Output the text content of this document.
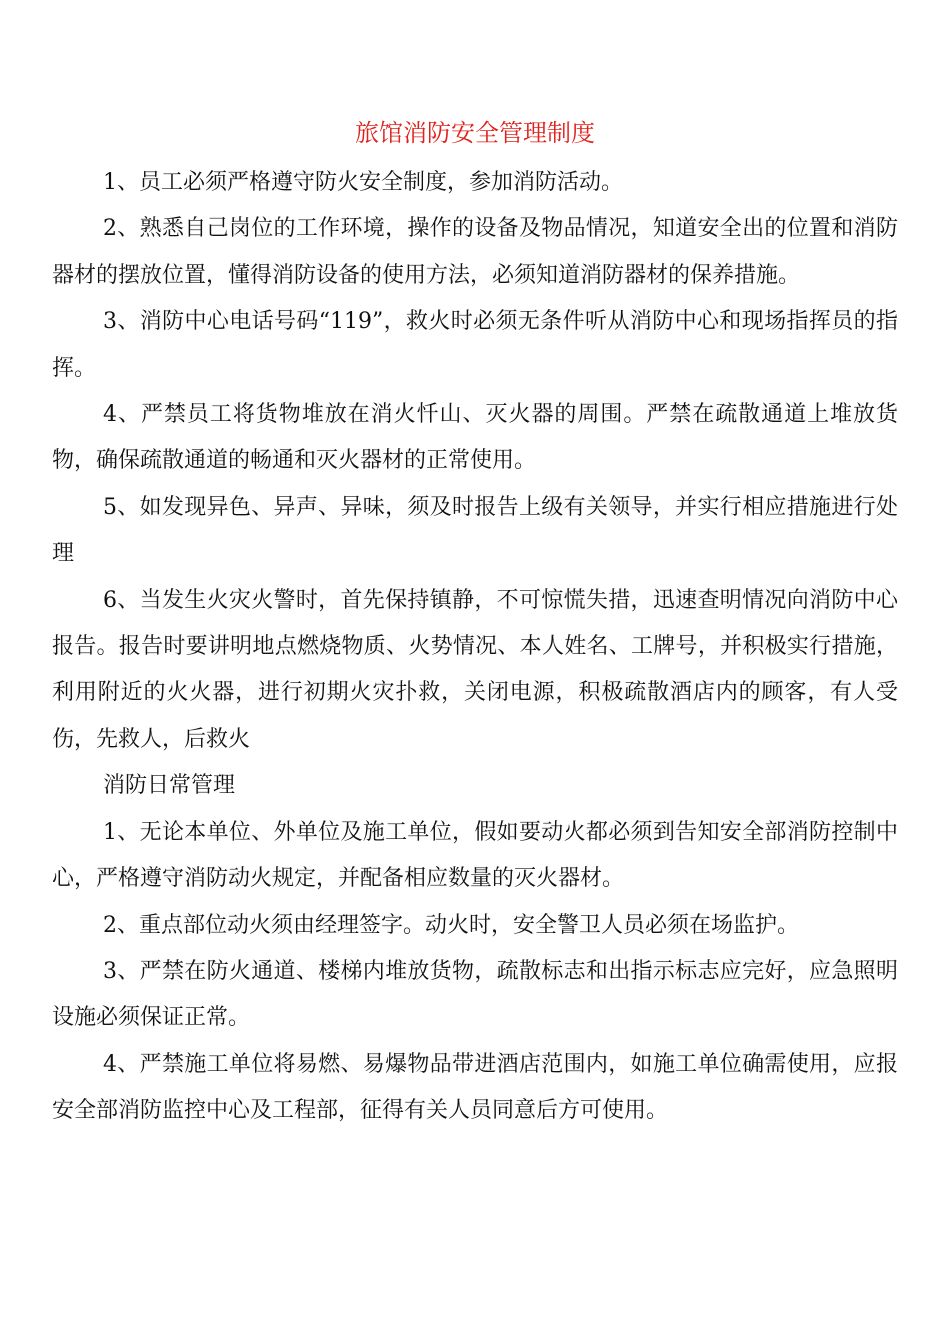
旅馆消防安全管理制度

1、员工必须严格遵守防火安全制度，参加消防活动。

2、熟悉自己岗位的工作环境，操作的设备及物品情况，知道安全出的位置和消防器材的摆放位置，懂得消防设备的使用方法，必须知道消防器材的保养措施。

3、消防中心电话号码“119”，救火时必须无条件听从消防中心和现场指挥员的指挥。

4、严禁员工将货物堆放在消火忏山、灭火器的周围。严禁在疏散通道上堆放货物，确保疏散通道的畅通和灭火器材的正常使用。

5、如发现异色、异声、异味，须及时报告上级有关领导，并实行相应措施进行处理

6、当发生火灾火警时，首先保持镇静，不可惊慌失措，迅速查明情况向消防中心报告。报告时要讲明地点燃烧物质、火势情况、本人姓名、工牌号，并积极实行措施，利用附近的火火器，进行初期火灾扑救，关闭电源，积极疏散酒店内的顾客，有人受伤，先救人，后救火

消防日常管理

1、无论本单位、外单位及施工单位，假如要动火都必须到告知安全部消防控制中心，严格遵守消防动火规定，并配备相应数量的灭火器材。

2、重点部位动火须由经理签字。动火时，安全警卫人员必须在场监护。

3、严禁在防火通道、楼梯内堆放货物，疏散标志和出指示标志应完好，应急照明设施必须保证正常。

4、严禁施工单位将易燃、易爆物品带进酒店范围内，如施工单位确需使用，应报安全部消防监控中心及工程部，征得有关人员同意后方可使用。
